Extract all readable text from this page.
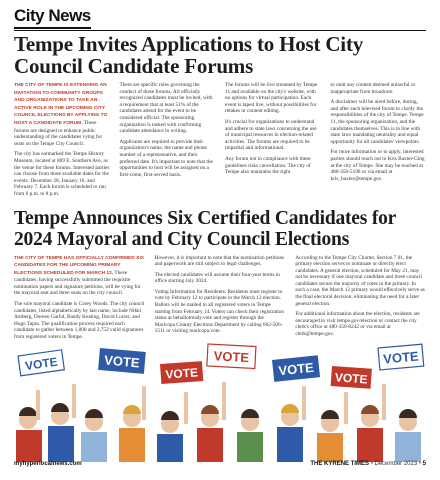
City News
Tempe Invites Applications to Host City Council Candidate Forums

THE CITY OF TEMPE IS EXTENDING AN INVITATION TO COMMUNITY GROUPS AND ORGANIZATIONS TO TAKE AN ACTIVE ROLE IN THE UPCOMING CITY COUNCIL ELECTIONS BY APPLYING TO HOST A CANDIDATE FORUM. These forums are designed to enhance public understanding of the candidates vying for seats on the Tempe City Council.

The city has earmarked the Tempe History Museum, located at 809 E. Southern Ave, as the venue for these forums. Interested parties can choose from three available dates for the events: December 28, January 16, and February 7. Each forum is scheduled to run from 6 p.m. to 8 p.m.

There are specific rules governing the conduct of these forums. All officially recognized candidates must be invited, with a requirement that at least 51% of the candidates attend for the event to be considered official. The sponsoring organization is tasked with confirming candidate attendance in writing.

Applicants are required to provide their organization's name, the name and phone number of a representative, and their preferred date. It's important to note that the opportunities to host will be assigned on a first-come, first-served basis.

The forums will be live streamed by Tempe 11 and available on the city's website, with no options for virtual participation. Each event is taped live, without possibilities for retakes or content editing.

It's crucial for organizations to understand and adhere to state laws concerning the use of municipal resources in election-related activities. The forums are required to be impartial and informational.

Any forum not in compliance with these guidelines risks cancellation. The city of Tempe also maintains the right

to omit any content deemed unlawful or inappropriate from broadcast.

A disclaimer will be aired before, during, and after each televised forum to clarify the responsibilities of the city of Tempe. Tempe 11, the sponsoring organization, and the candidates themselves. This is in line with state laws mandating neutrality and equal opportunity for all candidates' viewpoints.

For more information or to apply, interested parties should reach out to Kris Baxter-Ging at the city of Tempe. She may be reached at 480-350-5198 or via email at kris_baxter@tempe.gov.

Tempe Announces Six Certified Candidates for 2024 Mayoral and City Council Elections

THE CITY OF TEMPE HAS OFFICIALLY CONFIRMED SIX CANDIDATES FOR THE UPCOMING PRIMARY ELECTIONS SCHEDULED FOR MARCH 12. These candidates, having successfully submitted the requisite nomination papers and signature petitions, will be vying for the mayoral seat and three seats on the city council.

The sole mayoral candidate is Corey Woods. The city council candidates, listed alphabetically by last name, include Nikki Amberg, Doreen Garlid, Randy Keating, David Lucier, and Hugo Tapia. The qualification process required each candidate to gather between 1,000 and 2,752 valid signatures from registered voters in Tempe.

However, it is important to note that the nomination petitions and paperwork are still subject to legal challenges.

The elected candidates will assume their four-year terms in office starting July 2024.

Voting Information for Residents: Residents must register to vote by February 12 to participate in the March 12 election. Ballots will be mailed to all registered voters in Tempe starting from February 14. Voters can check their registration status at beballotready.vote and register through the Maricopa County Elections Department by calling 602-506-1511 or visiting maricopa.vote.

According to the Tempe City Charter, Section 7.01, the primary election serves to nominate or directly elect candidates. A general election, scheduled for May 21, may not be necessary if one mayoral candidate and three council candidates secure the majority of votes in the primary. In such a case, the March 12 primary would effectively serve as the final electoral decision, eliminating the need for a later general election.

For additional information about the election, residents are encouraged to visit tempe.gov/election or contact the city clerk's office at 480-350-8242 or via email at clerk@tempe.gov.

VOTE	VOTE
VOTE
VOTE
VOTE
VOTE
VOTE
myhyperlocalnews.com	THE KYRENE TIMES • December 2023 • 5
